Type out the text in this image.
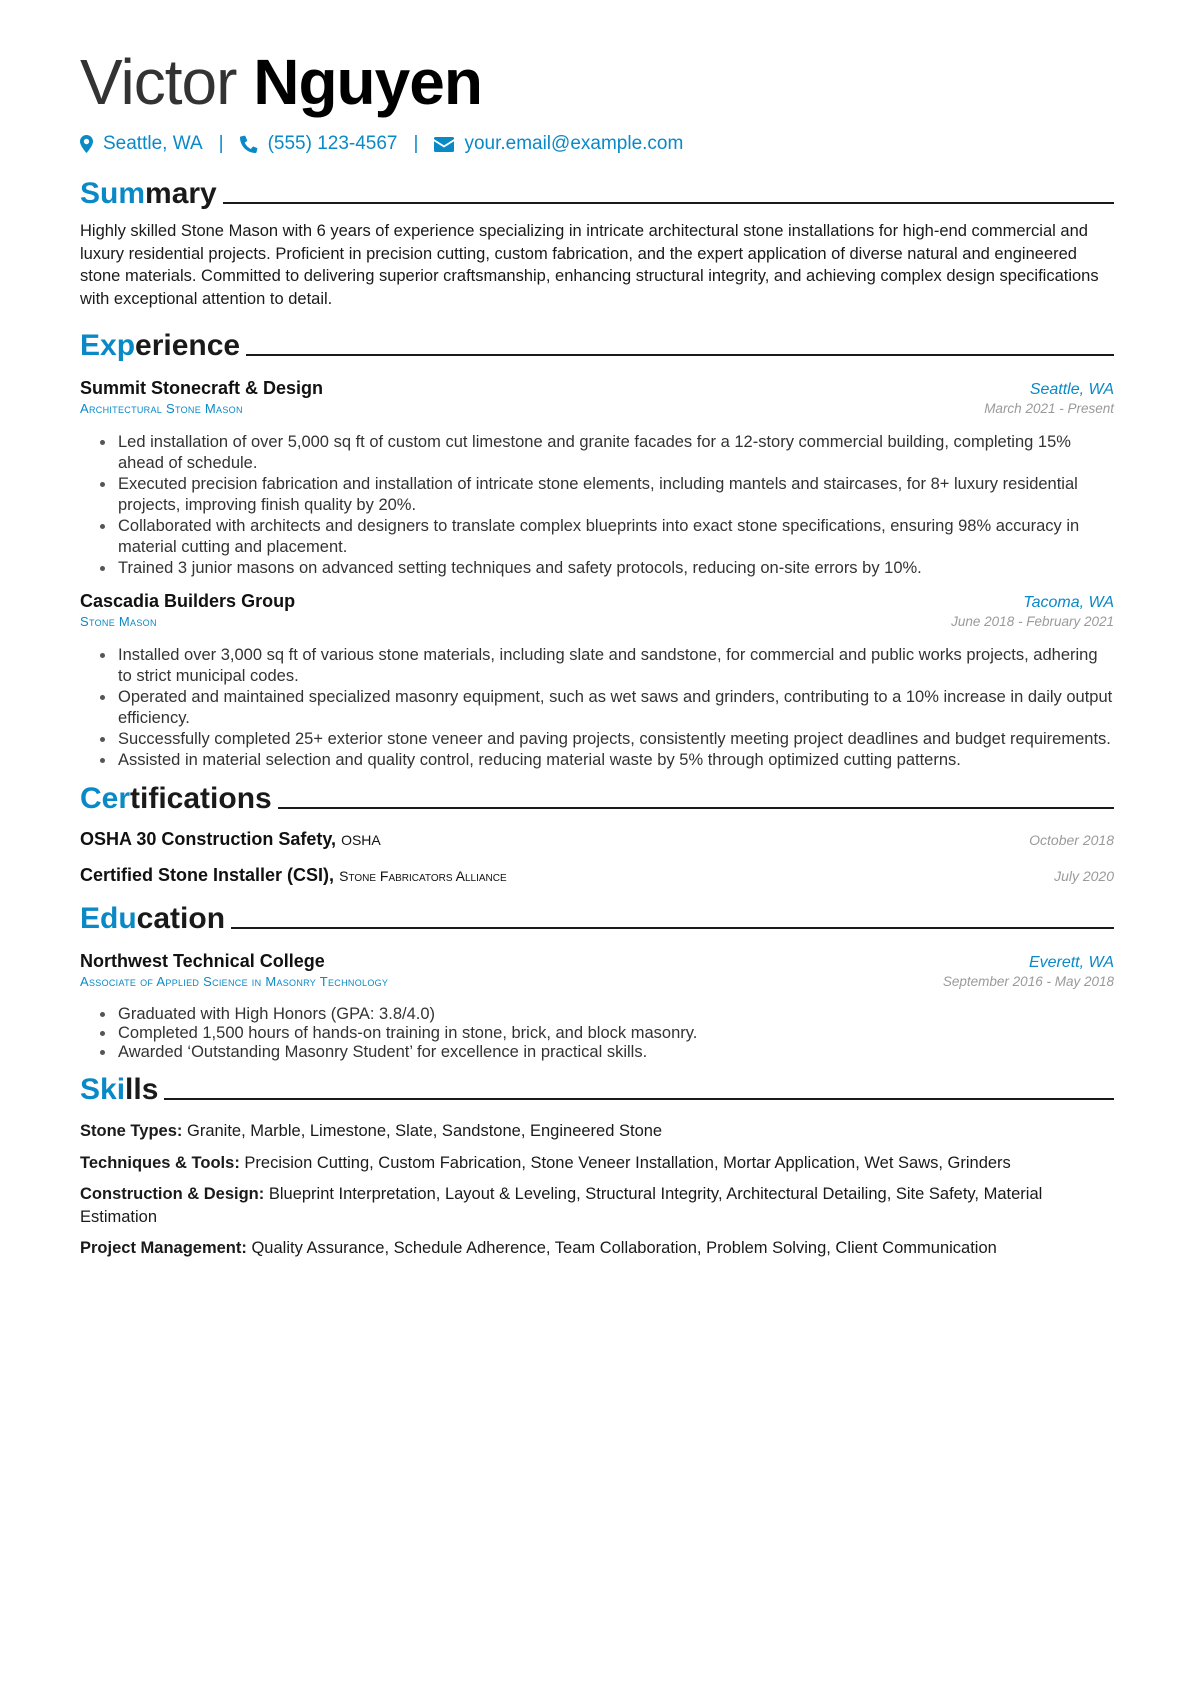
Victor Nguyen
Seattle, WA | (555) 123-4567 | your.email@example.com
Summary

Highly skilled Stone Mason with 6 years of experience specializing in intricate architectural stone installations for high-end commercial and luxury residential projects. Proficient in precision cutting, custom fabrication, and the expert application of diverse natural and engineered stone materials. Committed to delivering superior craftsmanship, enhancing structural integrity, and achieving complex design specifications with exceptional attention to detail.

Experience
Summit Stonecraft & Design	Seattle, WA
Architectural Stone Mason	March 2021 - Present
• Led installation of over 5,000 sq ft of custom cut limestone and granite facades for a 12-story commercial building, completing 15% ahead of schedule.
• Executed precision fabrication and installation of intricate stone elements, including mantels and staircases, for 8+ luxury residential projects, improving finish quality by 20%.
• Collaborated with architects and designers to translate complex blueprints into exact stone specifications, ensuring 98% accuracy in material cutting and placement.
• Trained 3 junior masons on advanced setting techniques and safety protocols, reducing on-site errors by 10%.
Cascadia Builders Group	Tacoma, WA
Stone Mason	June 2018 - February 2021
• Installed over 3,000 sq ft of various stone materials, including slate and sandstone, for commercial and public works projects, adhering to strict municipal codes.
• Operated and maintained specialized masonry equipment, such as wet saws and grinders, contributing to a 10% increase in daily output efficiency.
• Successfully completed 25+ exterior stone veneer and paving projects, consistently meeting project deadlines and budget requirements.
• Assisted in material selection and quality control, reducing material waste by 5% through optimized cutting patterns.
Certifications
OSHA 30 Construction Safety, OSHA	October 2018
Certified Stone Installer (CSI), Stone Fabricators Alliance	July 2020
Education
Northwest Technical College	Everett, WA
Associate of Applied Science in Masonry Technology	September 2016 - May 2018
• Graduated with High Honors (GPA: 3.8/4.0)
• Completed 1,500 hours of hands-on training in stone, brick, and block masonry.
• Awarded ‘Outstanding Masonry Student’ for excellence in practical skills.
Skills
Stone Types: Granite, Marble, Limestone, Slate, Sandstone, Engineered Stone
Techniques & Tools: Precision Cutting, Custom Fabrication, Stone Veneer Installation, Mortar Application, Wet Saws, Grinders
Construction & Design: Blueprint Interpretation, Layout & Leveling, Structural Integrity, Architectural Detailing, Site Safety, Material Estimation
Project Management: Quality Assurance, Schedule Adherence, Team Collaboration, Problem Solving, Client Communication
